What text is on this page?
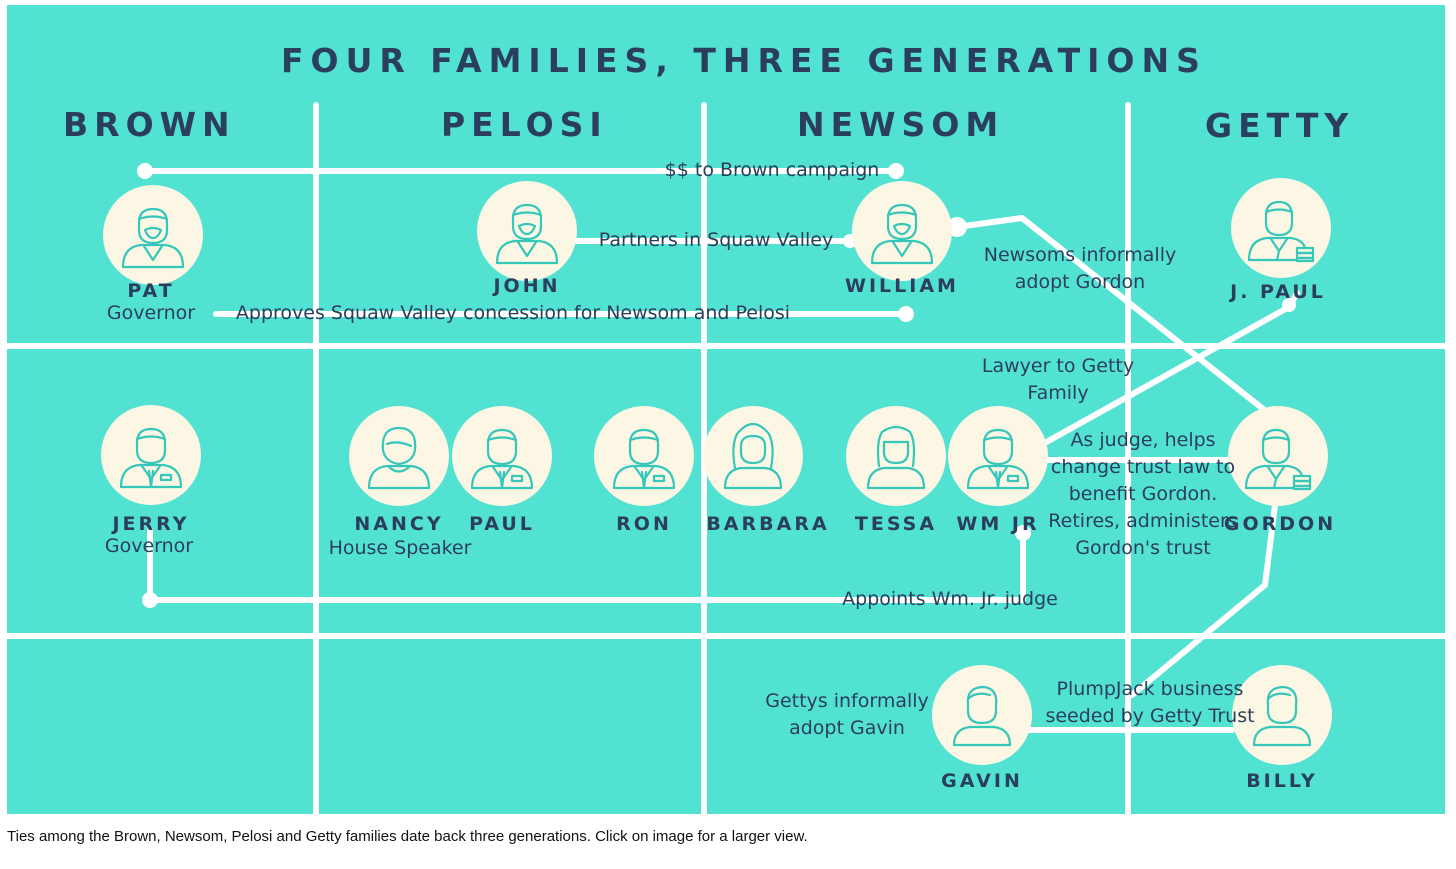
FOUR FAMILIES, THREE GENERATIONS
BROWN	PELOSI	NEWSOM	GETTY
PAT
Governor
JOHN	WILLIAM	J. PAUL
JERRY
Governor
NANCY
House Speaker
PAUL	RON	BARBARA	TESSA	WM JR	GORDON
GAVIN	BILLY
$$ to Brown campaign
Partners in Squaw Valley
Newsoms informally adopt Gordon
Approves Squaw Valley concession for Newsom and Pelosi
Lawyer to Getty Family
As judge, helps change trust law to benefit Gordon. Retires, administers Gordon's trust
Appoints Wm. Jr. judge
Gettys informally adopt Gavin
PlumpJack business seeded by Getty Trust
Ties among the Brown, Newsom, Pelosi and Getty families date back three generations. Click on image for a larger view.
